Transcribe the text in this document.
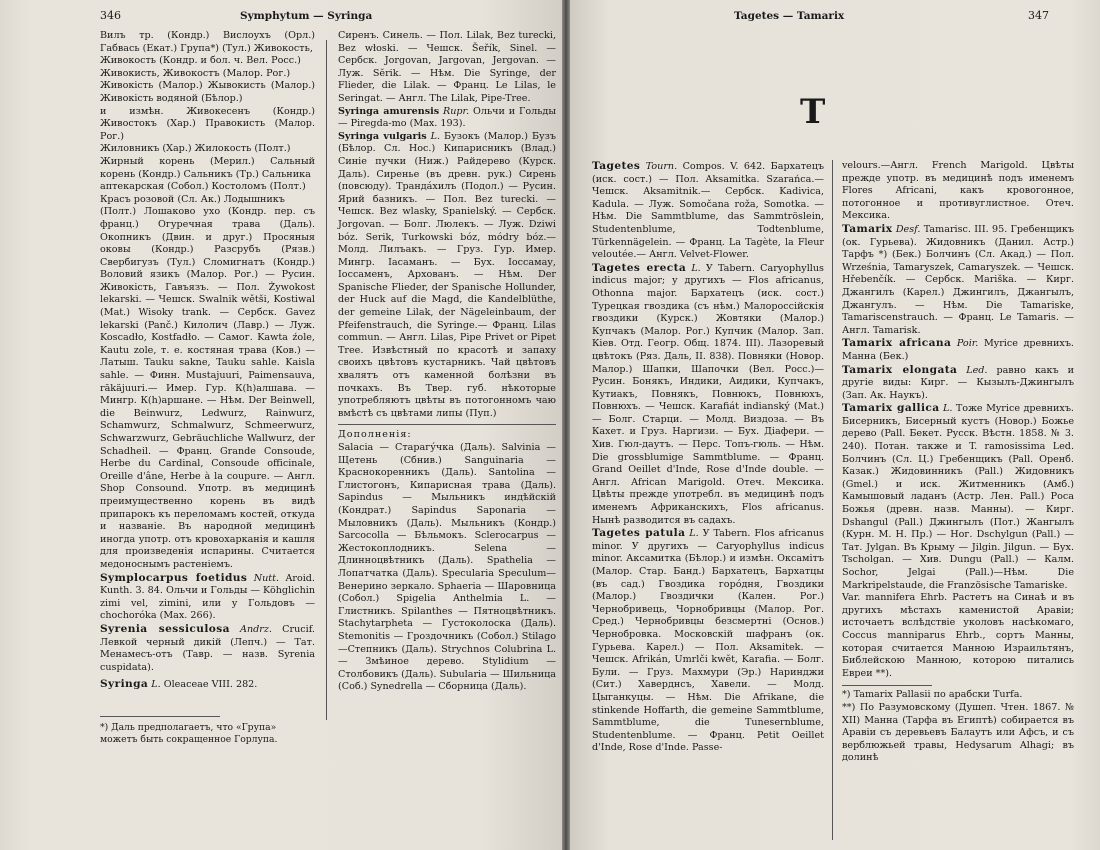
346	Symphytum — Syringa

Вилъ тр. (Кондр.) Вислоухъ (Орл.) Габвась (Екат.) Група*) (Тул.) Живокость,

Живокость (Кондр. и бол. ч. Вел. Росс.)

Живокисть, Живокостъ (Малор. Рог.)

Живокiсть (Малор.) Жывокисть (Малор.) Живокiсть водяной (Бѣлор.)

и измѣн. Живокесенъ (Кондр.) Живостокъ (Хар.) Правокисть (Малор. Рог.)

Жиловникъ (Хар.) Жилокость (Полт.)

Жирный корень (Мерил.) Сальный корень (Кондр.) Сальникъ (Тр.) Сальника

аптекарская (Собол.) Костоломъ (Полт.)

Красъ розовой (Сл. Ак.) Лодышникъ

(Полт.) Лошаково ухо (Кондр. пер. съ франц.) Огуречная трава (Даль). Окопникъ (Двин. и друг.) Просяныя оковы (Кондр.) Разсрубъ (Рязв.) Свербигузъ (Тул.) Сломигнатъ (Кондр.) Воловий язикъ (Малор. Рог.) — Русин. Живокiсть, Гавъязъ. — Пол. Żywokost lekarski. — Чешск. Swalnik wětši, Kostiwal (Mat.) Wisoky trank. — Сербск. Gavez lekarski (Panč.) Килолич (Лавр.) — Луж. Koscadło, Kostfadło. — Самог. Kawta źole, Kautu zole, т. е. костяная трава (Ков.) — Латыш. Tauku sakne, Tauku sahle. Kaisla sahle. — Финн. Mustajuuri, Paimensauva, rākäjuuri.— Имер. Гур. К(h)алшава. — Мингр. К(h)аршане. — Нѣм. Der Beinwell, die Beinwurz, Ledwurz, Rainwurz, Schamwurz, Schmalwurz, Schmeerwurz, Schwarzwurz, Gebräuchliche Wallwurz, der Schadheil. — Франц. Grande Consoude, Herbe du Cardinal, Consoude officinale, Oreille d'âne, Herbe à la coupure. — Англ. Shop Consound. Употр. въ медицинѣ преимущественно корень въ видѣ припарокъ къ переломамъ костей, откуда и названiе. Въ народной медицинѣ иногда употр. отъ кровохарканiя и кашля для произведенiя испарины. Считается медоноснымъ растенiемъ.

Symplocarpus foetidus Nutt. Aroid. Kunth. 3. 84. Ольчи и Гольды — Köhglichin zimi vel, zimini, или у Гольдовъ — chochoróka (Max. 266).

Syrenia sessiculosa Andrz. Crucif. Левкой черный дикiй (Лепч.) — Тат. Менамесъ-отъ (Тавр. — назв. Syrenia cuspidata).

Syringa L. Oleaceae VIII. 282.

*) Даль предполагаетъ, что «Група» можетъ быть сокращенное Горлупа.

Сиренъ. Синель. — Пол. Lilak, Bez turecki, Bez włoski. — Чешск. Šeřík, Sinel. — Сербск. Jorgovan, Jargovan, Jergovan. — Луж. Sĕrik. — Нѣм. Die Syringe, der Flieder, die Lilak. — Франц. Le Lilas, le Seringat. — Англ. The Lilak, Pipe-Tree.

Syringa amurensis Rupr. Ольчи и Гольды — Piregda-mo (Max. 193).

Syringa vulgaris L. Бузокъ (Малор.) Бузъ (Бѣлор. Сл. Нос.) Кипарисникъ (Влад.) Синiе пучки (Ниж.) Райдерево (Курск. Даль). Сиренье (въ древн. рук.) Сирень (повсюду). Транда́хилъ (Подол.) — Русин. Ярий базникъ. — Пол. Bez turecki. — Чешск. Bez wlasky, Spanielský. — Сербск. Jorgovan. — Болг. Люлекъ. — Луж. Dziwi bóz. Serik, Turkowski bóz, módry bóz.— Молд. Лилъакъ. — Груз. Гур. Имер. Мингр. Iасаманъ. — Бух. Iоссамау, Iоссаменъ, Архованъ. — Нѣм. Der Spanische Flieder, der Spanische Hollunder, der Huck auf die Magd, die Kandelblüthe, der gemeine Lilak, der Nägeleinbaum, der Pfeifenstrauch, die Syringe.— Франц. Lilas commun. — Англ. Lilas, Pipe Privet or Pipet Tree. Извѣстный по красотѣ и запаху своихъ цвѣтовъ кустарникъ. Чай цвѣтовъ хвалятъ отъ каменной болѣзни въ почкахъ. Въ Твер. губ. нѣкоторые употребляютъ цвѣты въ потогонномъ чаю вмѣстѣ съ цвѣтами липы (Пуп.)

Дополненiя:

Salacia — Старагу́чка (Даль). Salvinia — Щетень (Сбнив.) Sanguinaria — Краснокоренникъ (Даль). Santolina — Глистогонъ, Кипарисная трава (Даль). Sapindus — Мыльникъ индѣйскiй (Кондрат.) Sapindus Saponaria — Мыловникъ (Даль). Мыльникъ (Кондр.) Sarcocolla — Бѣльмокъ. Sclerocarpus — Жестокоплодникъ. Selena — Длинноцвѣтникъ (Даль). Spathelia — Лопатчатка (Даль). Specularia Speculum—Венерино зеркало. Sphaeria — Шаровница (Собол.) Spigelia Anthelmia L. — Глистникъ. Spilanthes — Пятноцвѣтникъ. Stachytarpheta — Густоколоска (Даль). Stemonitis — Гроздочникъ (Собол.) Stilago—Степникъ (Даль). Strychnos Colubrina L. — Змѣиное дерево. Stylidium — Столбовикъ (Даль). Subularia — Шильница (Соб.) Synedrella — Сборница (Даль).

Tagetes — Tamarix	347
T

Tagetes Tourn. Compos. V. 642. Бархатецъ (иск. сост.) — Пол. Aksamitka. Szarańca.— Чешск. Aksamitnik.— Сербск. Kadivica, Kadula. — Луж. Somočana roža, Somotka. — Нѣм. Die Sammtblume, das Sammtröslein, Studentenblume, Todtenblume, Türkennägelein. — Франц. La Tagète, la Fleur veloutée.— Англ. Velvet-Flower.

Tagetes erecta L. У Tabern. Caryophyllus indicus major; у другихъ — Flos africanus, Othonna major. Бархатецъ (иск. сост.) Турецкая гвоздика (съ нѣм.) Малороссiйскiя гвоздики (Курск.) Жовтяки (Малор.) Купчакъ (Малор. Рог.) Купчик (Малор. Зап. Кiев. Отд. Геогр. Общ. 1874. III). Лазоревый цвѣтокъ (Ряз. Даль, II. 838). Повняки (Новор. Малор.) Шапки, Шапочки (Вел. Росс.)—Русин. Бонякъ, Индики, Аидики, Купчакъ, Кутиакъ, Повнякъ, Повнюкъ, Повнюхъ, Повнюхъ. — Чешск. Karafiát indianský (Mat.) — Болг. Старци. — Молд. Виздоза. — Въ Кахет. и Груз. Наргизи. — Бух. Дiафери. — Хив. Гюл-даутъ. — Перс. Топъ-гюль. — Нѣм. Die grossblumige Sammtblume. — Франц. Grand Oeillet d'Inde, Rose d'Inde double. — Англ. African Marigold. Отеч. Мексика. Цвѣты прежде употребл. въ медицинѣ подъ именемъ Африканскихъ, Flos africanus. Нынѣ разводится въ садахъ.

Tagetes patula L. У Tabern. Flos africanus minor. У другихъ — Caryophyllus indicus minor. Аксамитка (Бѣлор.) и измѣн. Оксамiтъ (Малор. Стар. Банд.) Бархатецъ, Бархатцы (въ сад.) Гвоздика горо́дня, Гвоздики (Малор.) Гвоздички (Кален. Рог.) Чернобривець, Чорнобривцы (Малор. Рог. Сред.) Чернобривцы безсмертні (Основ.) Чернобровка. Московскiй шафранъ (ок. Гурьева. Карел.) — Пол. Aksamitek. — Чешск. Afrikán, Umrlči kwĕt, Karafia. — Болг. Були. — Груз. Махмури (Эр.) Наринджи (Сит.) Хаверднсъ, Хавели. — Молд. Цыганкуцы. — Нѣм. Die Afrikane, die stinkende Hoffarth, die gemeine Sammtblume, Sammtblume, die Tunesernblume, Studentenblume. — Франц. Petit Oeillet d'Inde, Rose d'Inde. Passe-

velours.—Англ. French Marigold. Цвѣты прежде употр. въ медицинѣ подъ именемъ Flores Africani, какъ кровогонное, потогонное и противуглистное. Отеч. Мексика.

Tamarix Desf. Tamarisc. III. 95. Гребенщикъ (ок. Гурьева). Жидовникъ (Данил. Астр.) Тарфъ *) (Бек.) Болчинъ (Сл. Акад.) — Пол. Września, Tamaryszek, Camaryszek. — Чешск. Hřebenčík. — Сербск. Mariška. — Кирг. Джангилъ (Карел.) Джингилъ, Джангылъ, Джангулъ. — Нѣм. Die Tamariske, Tamariscenstrauch. — Франц. Le Tamaris. — Англ. Tamarisk.

Tamarix africana Poir. Myrice древнихъ. Манна (Бек.)

Tamarix elongata Led. равно какъ и другiе виды: Кирг. — Кызылъ-Джингылъ (Зап. Ак. Наукъ).

Tamarix gallica L. Тоже Myrice древнихъ. Бисерникъ, Бисерный кустъ (Новор.) Божье дерево (Pall. Бекет. Русск. Вѣстн. 1858. № 3. 240). Потан. также и T. ramosissima Led. Болчинъ (Сл. Ц.) Гребенщикъ (Pall. Оренб. Казак.) Жидовинникъ (Pall.) Жидовникъ (Gmel.) и иск. Житменникъ (Амб.) Камышовый ладанъ (Астр. Лен. Pall.) Роса Божья (древн. назв. Манны). — Кирг. Dshangul (Pall.) Джингылъ (Пот.) Жангылъ (Курн. М. Н. Пр.) — Ног. Dschylgun (Pall.) — Тат. Jylgan. Въ Крыму — Jilgin. Jilgun. — Бух. Tscholgan. — Хив. Dungu (Pall.) — Калм. Sochor, Jelgai (Pall.)—Нѣм. Die Markripelstaude, die Französische Tamariske.

Var. mannifera Ehrb. Растетъ на Синаѣ и въ другихъ мѣстахъ каменистой Аравiи; источаетъ вслѣдствiе уколовъ насѣкомаго, Coccus manniparus Ehrb., сортъ Манны, которая считается Манною Израильтянъ, Библейскою Манною, которою питались Евреи **).

*) Tamarix Pallasii по арабски Turfa.

**) По Разумовскому (Душеп. Чтен. 1867. № XII) Манна (Тарфа въ Египтѣ) собирается въ Аравiи съ деревьевъ Балаутъ или Афсъ, и съ верблюжьей травы, Hedysarum Alhagi; въ долинѣ
